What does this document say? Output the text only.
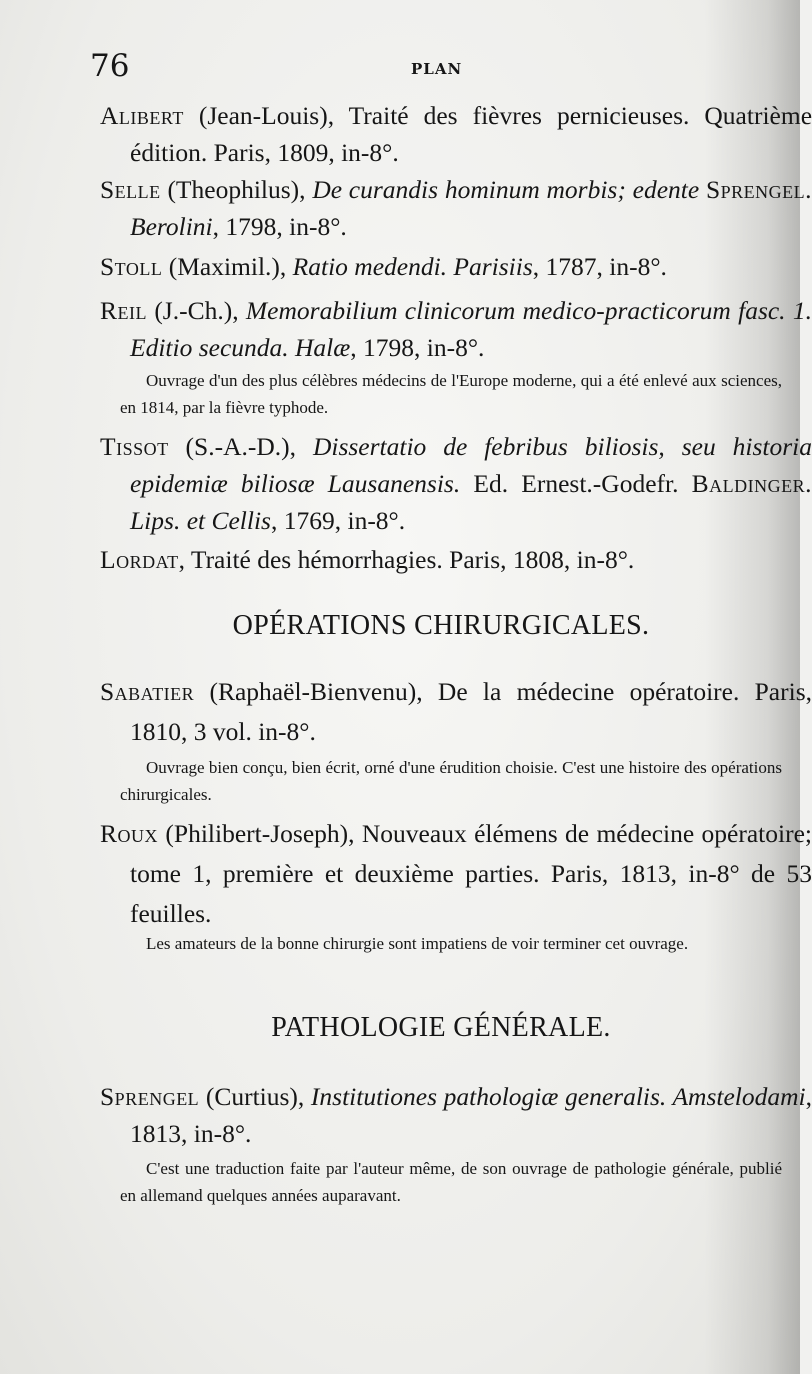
76	PLAN
Alibert (Jean-Louis), Traité des fièvres pernicieuses. Quatrième édition. Paris, 1809, in-8°.
Selle (Theophilus), De curandis hominum morbis; edente Sprengel. Berolini, 1798, in-8°.
Stoll (Maximil.), Ratio medendi. Parisiis, 1787, in-8°.
Reil (J.-Ch.), Memorabilium clinicorum medico-practicorum fasc. 1. Editio secunda. Halæ, 1798, in-8°.
Ouvrage d'un des plus célèbres médecins de l'Europe moderne, qui a été enlevé aux sciences, en 1814, par la fièvre typhode.
Tissot (S.-A.-D.), Dissertatio de febribus biliosis, seu historia epidemiæ biliosæ Lausanensis. Ed. Ernest.-Godefr. Baldinger. Lips. et Cellis, 1769, in-8°.
Lordat, Traité des hémorrhagies. Paris, 1808, in-8°.
OPÉRATIONS CHIRURGICALES.
Sabatier (Raphaël-Bienvenu), De la médecine opératoire. Paris, 1810, 3 vol. in-8°.
Ouvrage bien conçu, bien écrit, orné d'une érudition choisie. C'est une histoire des opérations chirurgicales.
Roux (Philibert-Joseph), Nouveaux élémens de médecine opératoire; tome 1, première et deuxième parties. Paris, 1813, in-8° de 53 feuilles.
Les amateurs de la bonne chirurgie sont impatiens de voir terminer cet ouvrage.
PATHOLOGIE GÉNÉRALE.
Sprengel (Curtius), Institutiones pathologiæ generalis. Amstelodami, 1813, in-8°.
C'est une traduction faite par l'auteur même, de son ouvrage de pathologie générale, publié en allemand quelques années auparavant.
